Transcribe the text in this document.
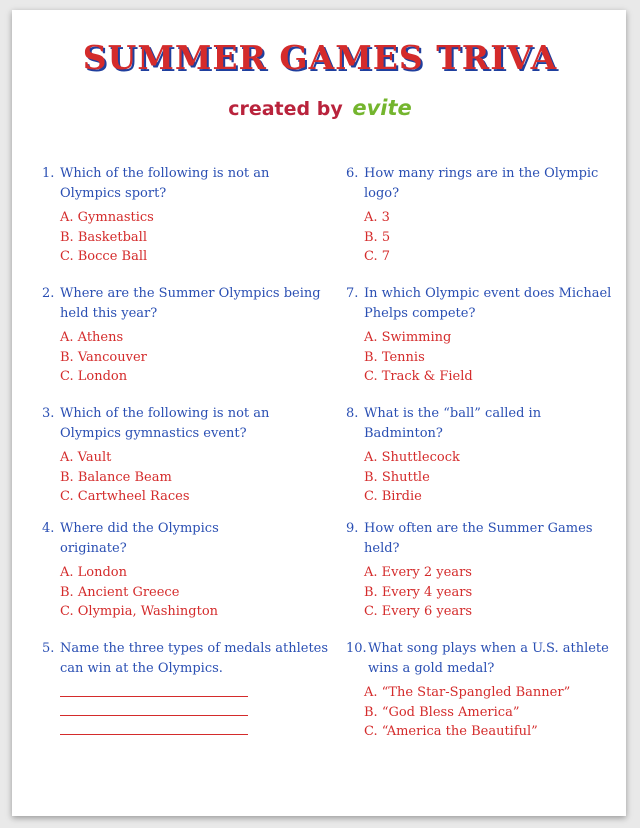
SUMMER GAMES TRIVA
created by evite
1. Which of the following is not an Olympics sport?
A. Gymnastics
B. Basketball
C. Bocce Ball
2. Where are the Summer Olympics being held this year?
A. Athens
B. Vancouver
C. London
3. Which of the following is not an Olympics gymnastics event?
A. Vault
B. Balance Beam
C. Cartwheel Races
4. Where did the Olympics originate?
A. London
B. Ancient Greece
C. Olympia, Washington
5. Name the three types of medals athletes can win at the Olympics.
6. How many rings are in the Olympic logo?
A. 3
B. 5
C. 7
7. In which Olympic event does Michael Phelps compete?
A. Swimming
B. Tennis
C. Track & Field
8. What is the “ball” called in Badminton?
A. Shuttlecock
B. Shuttle
C. Birdie
9. How often are the Summer Games held?
A. Every 2 years
B. Every 4 years
C. Every 6 years
10. What song plays when a U.S. athlete wins a gold medal?
A. “The Star-Spangled Banner”
B. “God Bless America”
C. “America the Beautiful”
